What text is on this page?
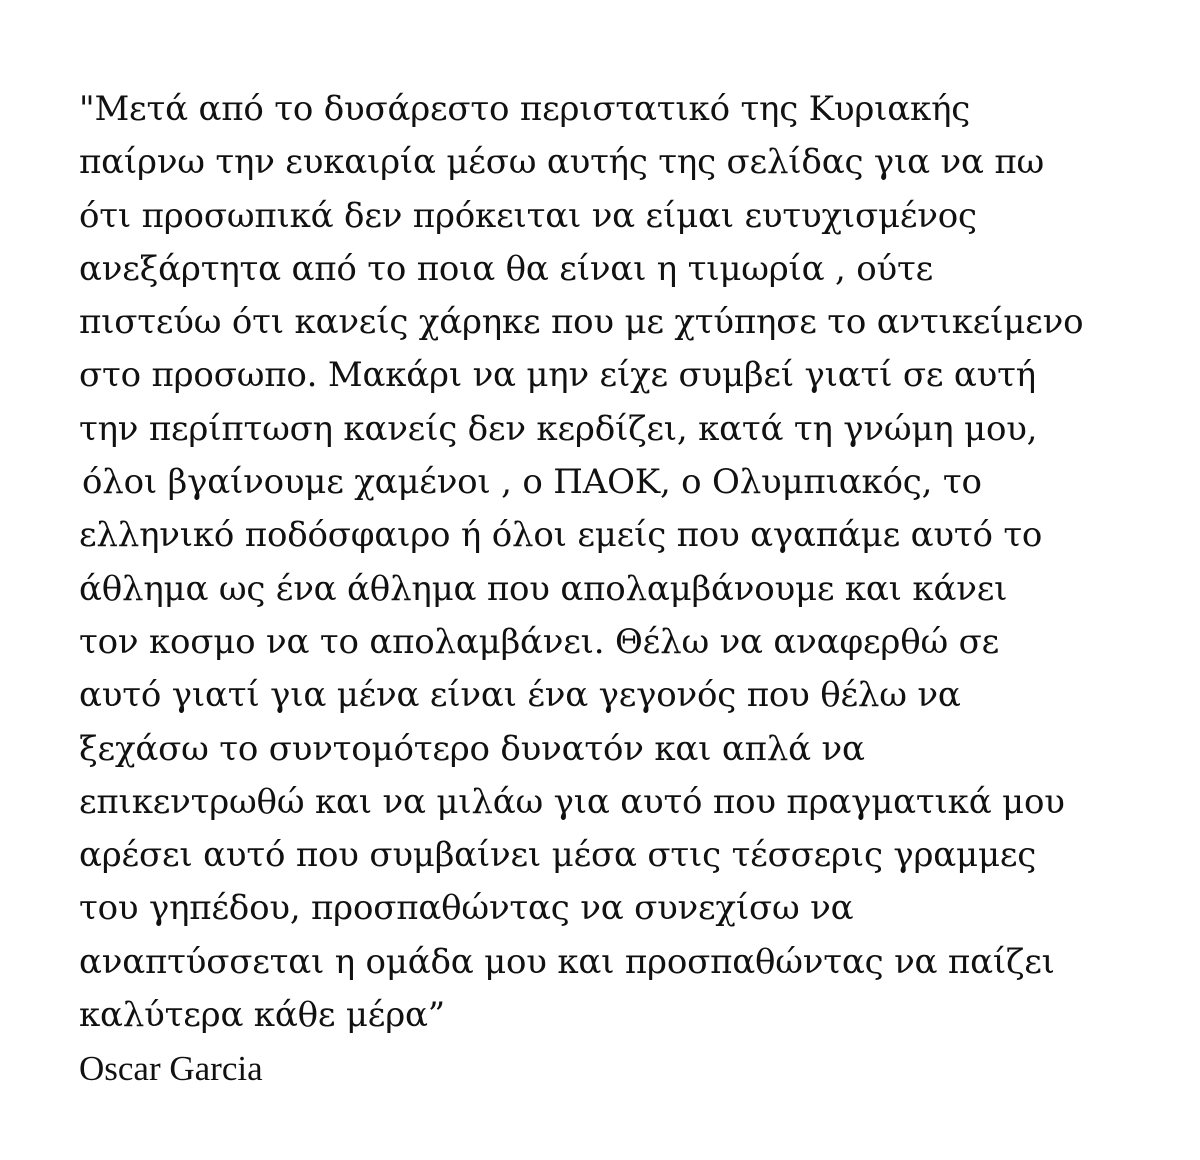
"Μετά από το δυσάρεστο περιστατικό της Κυριακής
παίρνω την ευκαιρία μέσω αυτής της σελίδας για να πω
ότι προσωπικά δεν πρόκειται να είμαι ευτυχισμένος
ανεξάρτητα από το ποια θα είναι η τιμωρία , ούτε
πιστεύω ότι κανείς χάρηκε που με χτύπησε το αντικείμενο
στο προσωπο. Μακάρι να μην είχε συμβεί γιατί σε αυτή
την περίπτωση κανείς δεν κερδίζει, κατά τη γνώμη μου,
όλοι βγαίνουμε χαμένοι , ο ΠΑΟΚ, ο Ολυμπιακός, το
ελληνικό ποδόσφαιρο ή όλοι εμείς που αγαπάμε αυτό το
άθλημα ως ένα άθλημα που απολαμβάνουμε και κάνει
τον κοσμο να το απολαμβάνει. Θέλω να αναφερθώ σε
αυτό γιατί για μένα είναι ένα γεγονός που θέλω να
ξεχάσω το συντομότερο δυνατόν και απλά να
επικεντρωθώ και να μιλάω για αυτό που πραγματικά μου
αρέσει αυτό που συμβαίνει μέσα στις τέσσερις γραμμες
του γηπέδου, προσπαθώντας να συνεχίσω να
αναπτύσσεται η ομάδα μου και προσπαθώντας να παίζει
καλύτερα κάθε μέρα”
Oscar Garcia
